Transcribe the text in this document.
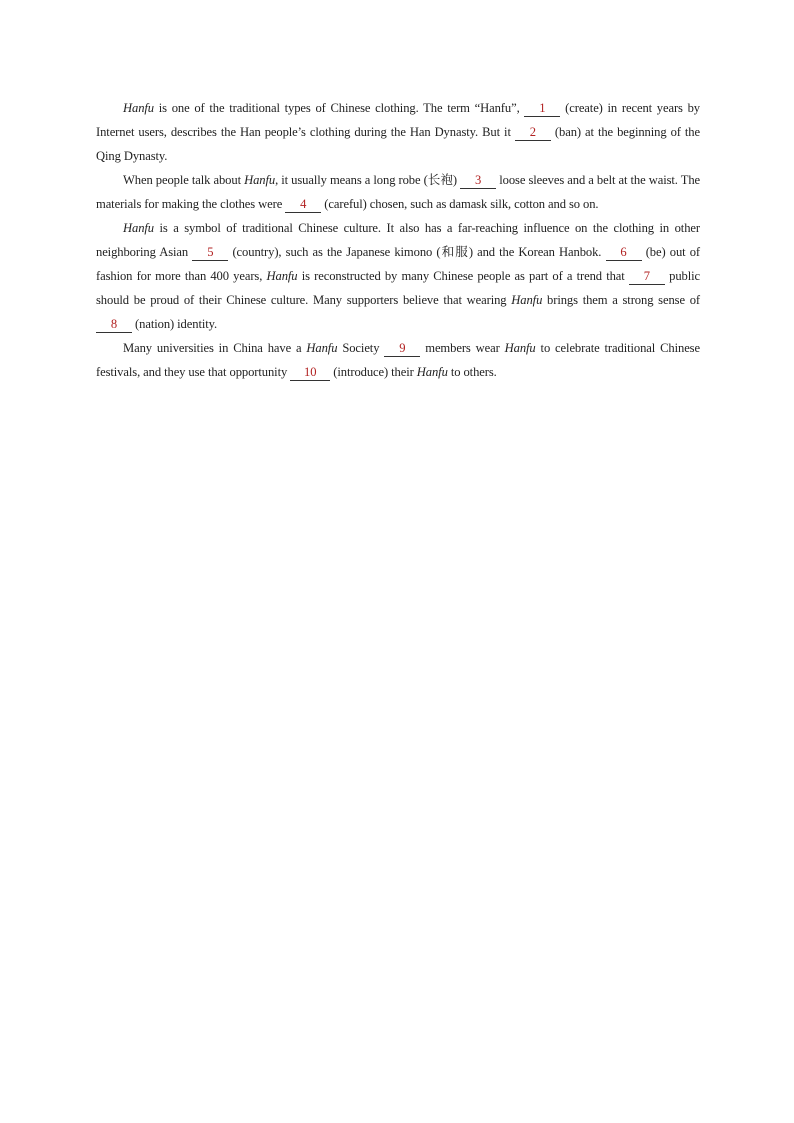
Hanfu is one of the traditional types of Chinese clothing. The term “Hanfu”, 1 (create) in recent years by Internet users, describes the Han people’s clothing during the Han Dynasty. But it 2 (ban) at the beginning of the Qing Dynasty.

When people talk about Hanfu, it usually means a long robe (长袍) 3 loose sleeves and a belt at the waist. The materials for making the clothes were 4 (careful) chosen, such as damask silk, cotton and so on.

Hanfu is a symbol of traditional Chinese culture. It also has a far-reaching influence on the clothing in other neighboring Asian 5 (country), such as the Japanese kimono (和服) and the Korean Hanbok. 6 (be) out of fashion for more than 400 years, Hanfu is reconstructed by many Chinese people as part of a trend that 7 public should be proud of their Chinese culture. Many supporters believe that wearing Hanfu brings them a strong sense of 8 (nation) identity.

Many universities in China have a Hanfu Society 9 members wear Hanfu to celebrate traditional Chinese festivals, and they use that opportunity 10 (introduce) their Hanfu to others.
